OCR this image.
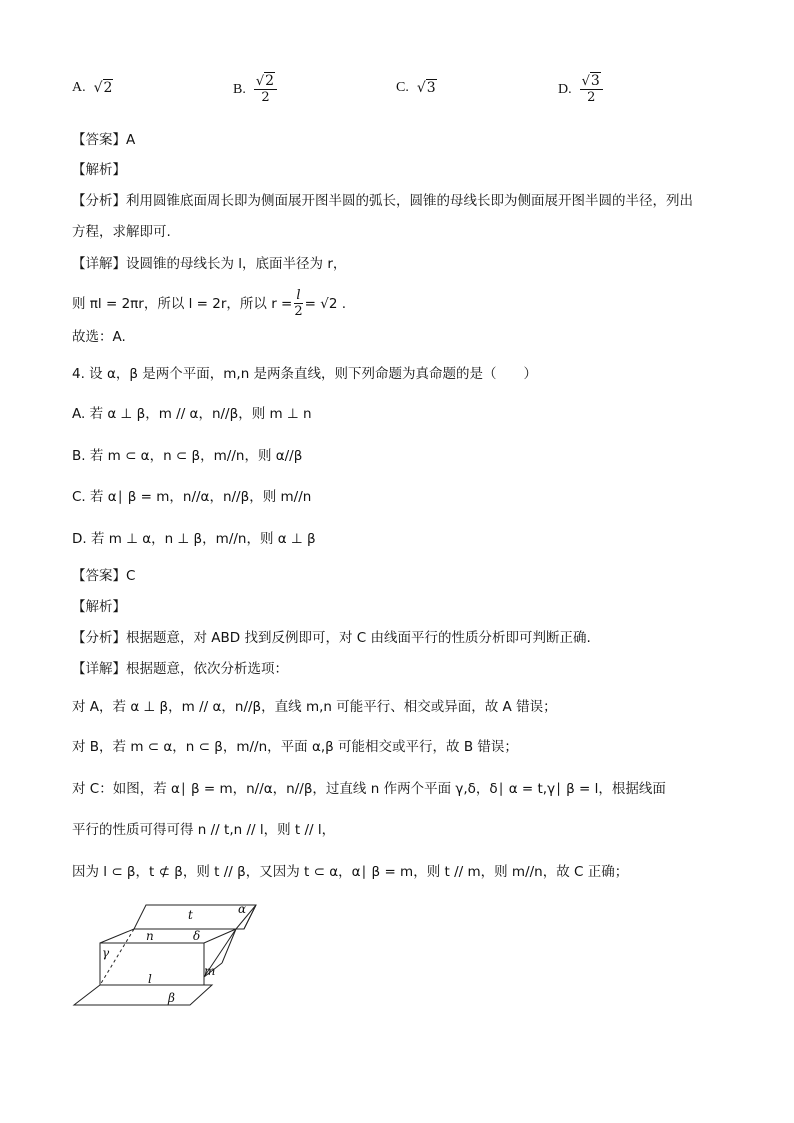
A. √2	B. $\frac{√2}{2}$	C. √3	D. $\frac{√3}{2}$
【答案】A
【解析】
【分析】利用圆锥底面周长即为侧面展开图半圆的弧长，圆锥的母线长即为侧面展开图半圆的半径，列出
方程，求解即可.
【详解】设圆锥的母线长为 l，底面半径为 r，
则 πl = 2πr，所以 l = 2r，所以 $r = \frac{l}{2} = √2$ .
故选：A.
4. 设 α，β 是两个平面，m,n 是两条直线，则下列命题为真命题的是（　　）
A. 若 α ⊥ β，m // α，n//β，则 m ⊥ n
B. 若 m ⊂ α，n ⊂ β，m//n，则 α//β
C. 若 α∣ β = m，n//α，n//β，则 m//n
D. 若 m ⊥ α，n ⊥ β，m//n，则 α ⊥ β
【答案】C
【解析】
【分析】根据题意，对 ABD 找到反例即可，对 C 由线面平行的性质分析即可判断正确.
【详解】根据题意，依次分析选项：
对 A，若 α ⊥ β，m // α，n//β，直线 m,n 可能平行、相交或异面，故 A 错误；
对 B，若 m ⊂ α，n ⊂ β，m//n，平面 α,β 可能相交或平行，故 B 错误；
对 C：如图，若 α∣ β = m，n//α，n//β，过直线 n 作两个平面 γ,δ，δ∣ α = t,γ∣ β = l，根据线面
平行的性质可得可得 n // t,n // l，则 t // l，
因为 l ⊂ β，t ⊄ β，则 t // β，又因为 t ⊂ α，α∣ β = m，则 t // m，则 m//n，故 C 正确；
t	α
n	δ
γ
m
l
β
